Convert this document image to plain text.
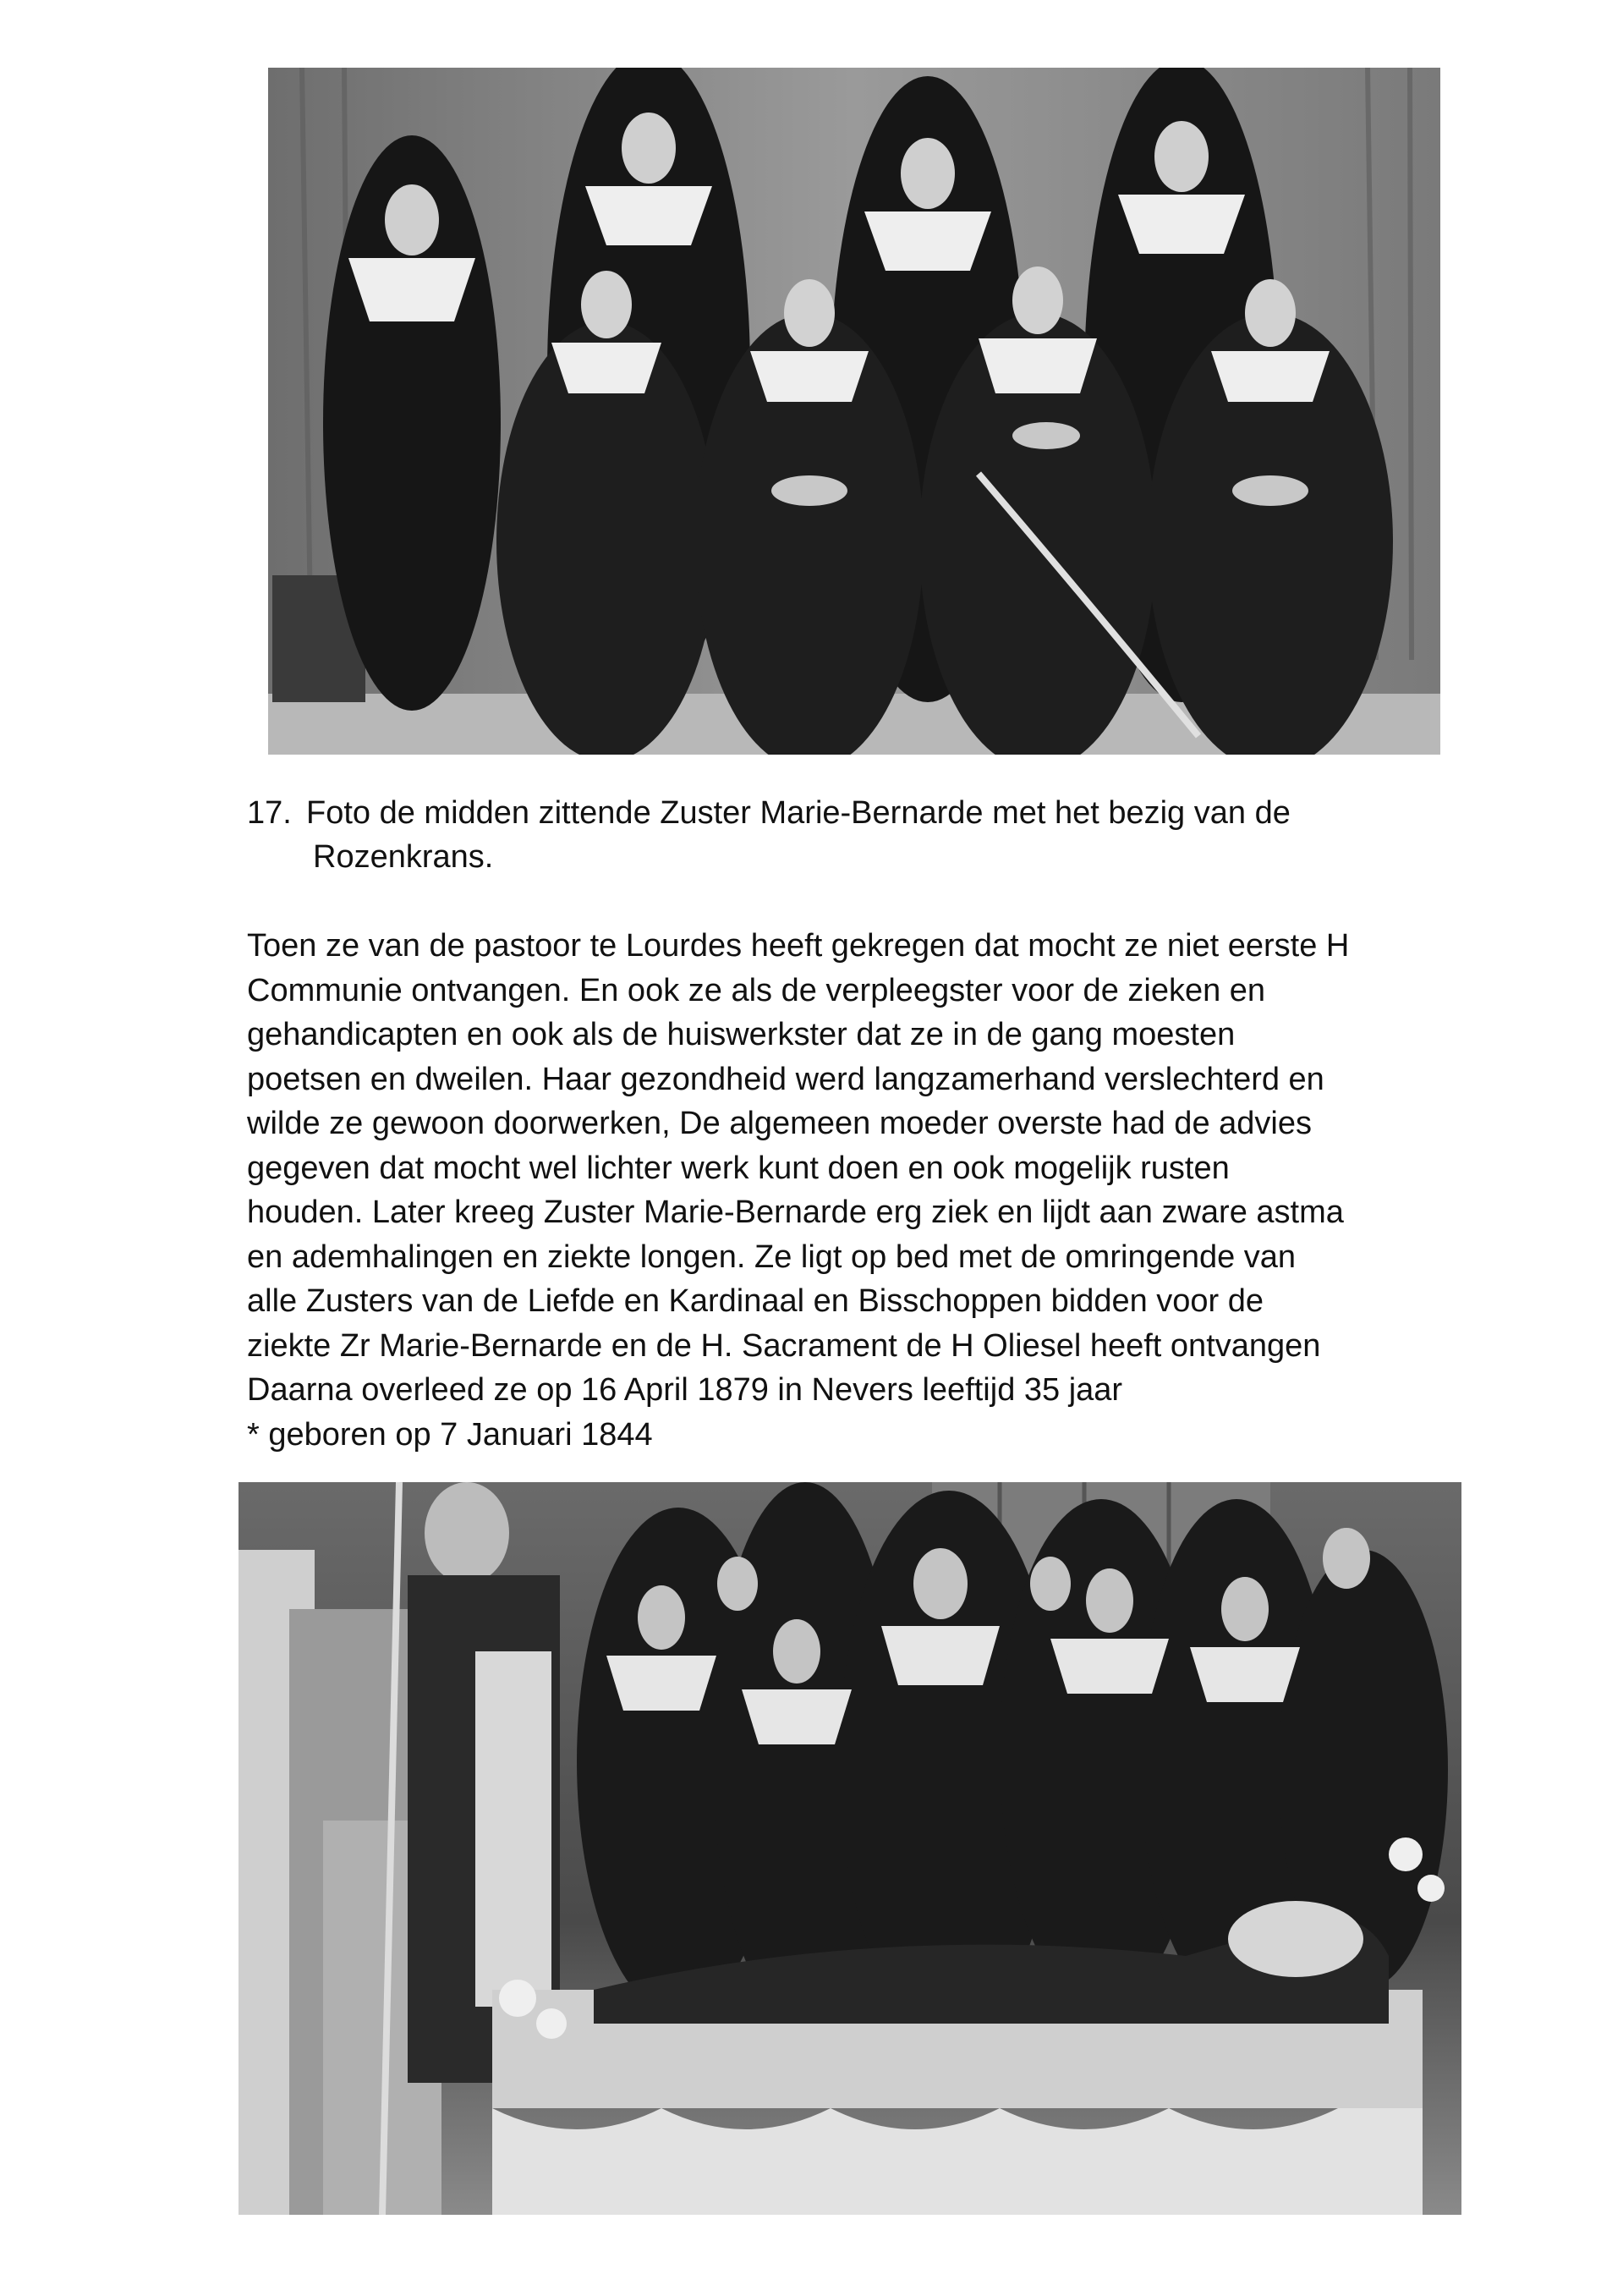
17. Foto de midden zittende Zuster Marie-Bernarde met het bezig van de
Rozenkrans.
Toen ze van de pastoor te Lourdes heeft gekregen dat mocht ze niet eerste H
Communie ontvangen. En ook ze als de verpleegster voor de zieken en
gehandicapten en ook als de huiswerkster dat ze in de gang moesten
poetsen en dweilen. Haar gezondheid werd langzamerhand verslechterd en
wilde ze gewoon doorwerken, De algemeen moeder overste had de advies
gegeven dat mocht wel lichter werk kunt doen en ook mogelijk rusten
houden. Later kreeg Zuster Marie-Bernarde erg ziek en lijdt aan zware astma
en ademhalingen en ziekte longen. Ze ligt op bed met de omringende van
alle Zusters van de Liefde en Kardinaal en Bisschoppen bidden voor de
ziekte Zr Marie-Bernarde en de H. Sacrament de H Oliesel heeft ontvangen
Daarna overleed ze op 16 April 1879 in Nevers leeftijd 35 jaar
* geboren op 7 Januari 1844
